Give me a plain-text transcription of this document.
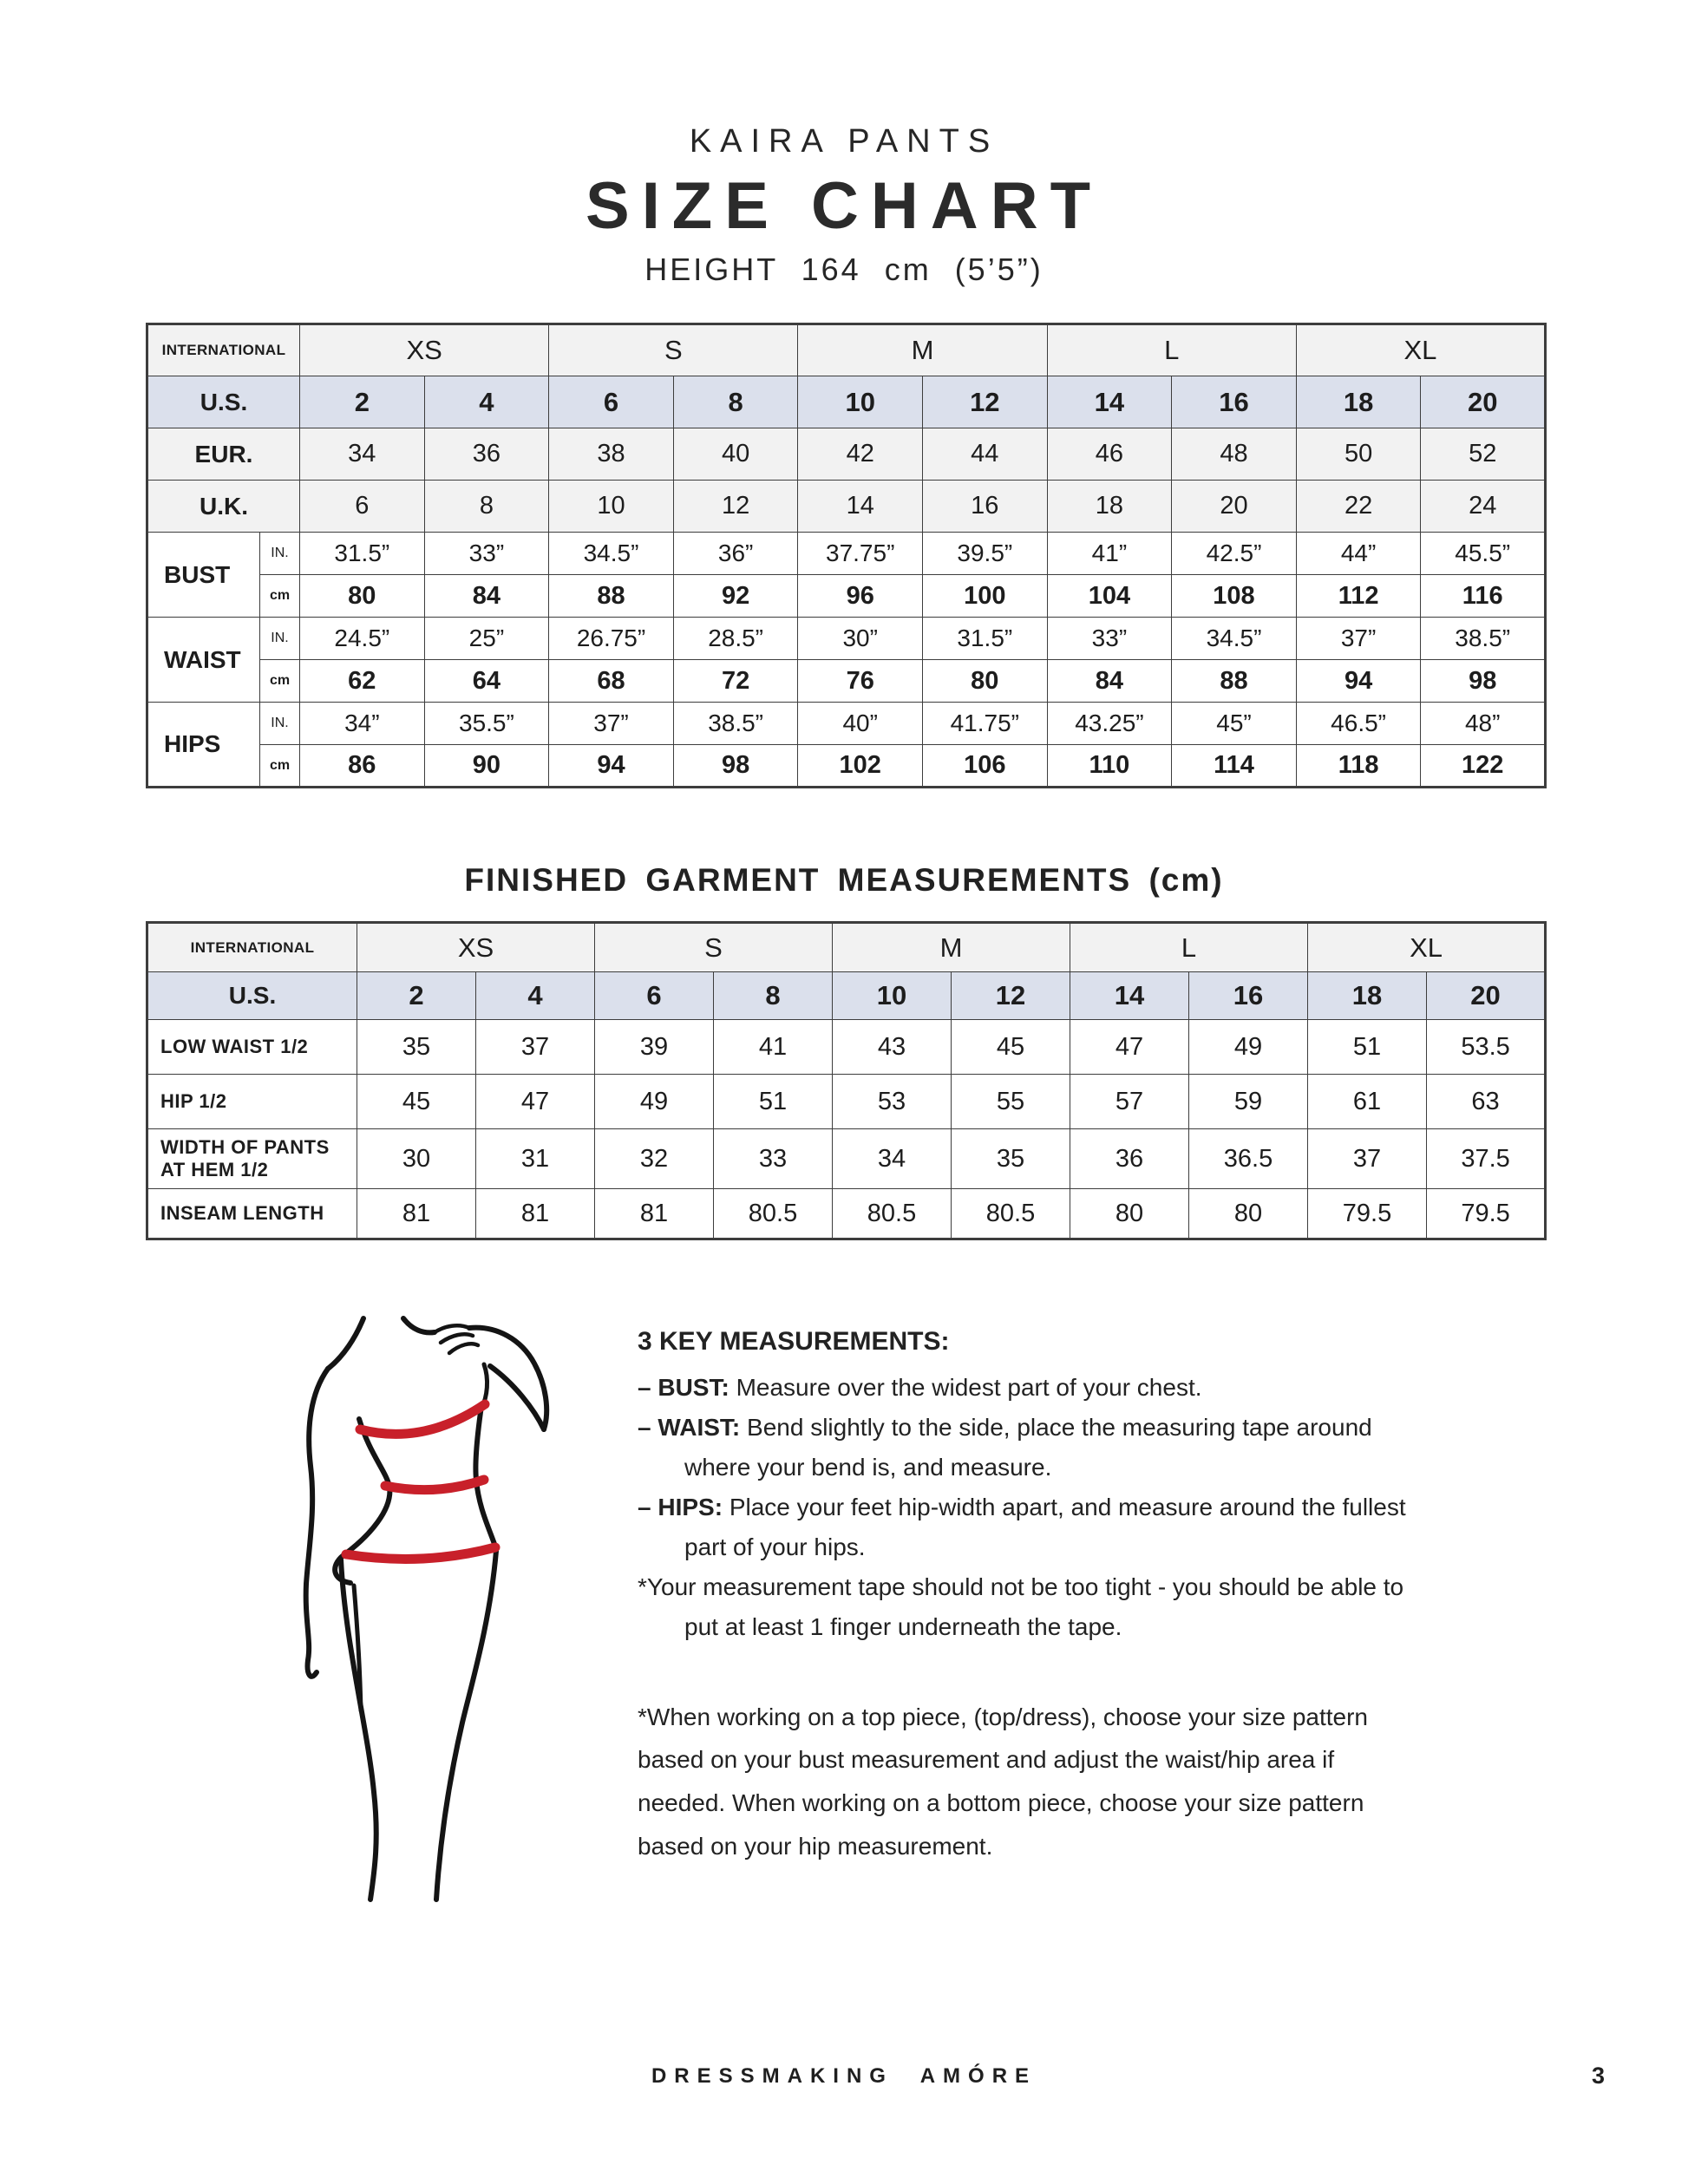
KAIRA PANTS
SIZE CHART
HEIGHT 164 cm (5’5”)
INTERNATIONAL		XS		S		M		L		XL	
U.S.		2	4	6	8	10	12	14	16	18	20
EUR.		34	36	38	40	42	44	46	48	50	52
U.K.		6	8	10	12	14	16	18	20	22	24
BUST	IN.	31.5”	33”	34.5”	36”	37.75”	39.5”	41”	42.5”	44”	45.5”
	cm	80	84	88	92	96	100	104	108	112	116
WAIST	IN.	24.5”	25”	26.75”	28.5”	30”	31.5”	33”	34.5”	37”	38.5”
	cm	62	64	68	72	76	80	84	88	94	98
HIPS	IN.	34”	35.5”	37”	38.5”	40”	41.75”	43.25”	45”	46.5”	48”
	cm	86	90	94	98	102	106	110	114	118	122
FINISHED GARMENT MEASUREMENTS (cm)
INTERNATIONAL	XS		S		M		L		XL	
U.S.	2	4	6	8	10	12	14	16	18	20
LOW WAIST 1/2	35	37	39	41	43	45	47	49	51	53.5
HIP 1/2	45	47	49	51	53	55	57	59	61	63
WIDTH OF PANTS AT HEM 1/2	30	31	32	33	34	35	36	36.5	37	37.5
INSEAM LENGTH	81	81	81	80.5	80.5	80.5	80	80	79.5	79.5

3 KEY MEASUREMENTS:

– BUST: Measure over the widest part of your chest.

– WAIST: Bend slightly to the side, place the measuring tape around where your bend is, and measure.

– HIPS: Place your feet hip-width apart, and measure around the fullest part of your hips.

*Your measurement tape should not be too tight - you should be able to put at least 1 finger underneath the tape.

*When working on a top piece, (top/dress), choose your size pattern based on your bust measurement and adjust the waist/hip area if needed. When working on a bottom piece, choose your size pattern based on your hip measurement.

DRESSMAKING AMÓRE	3
